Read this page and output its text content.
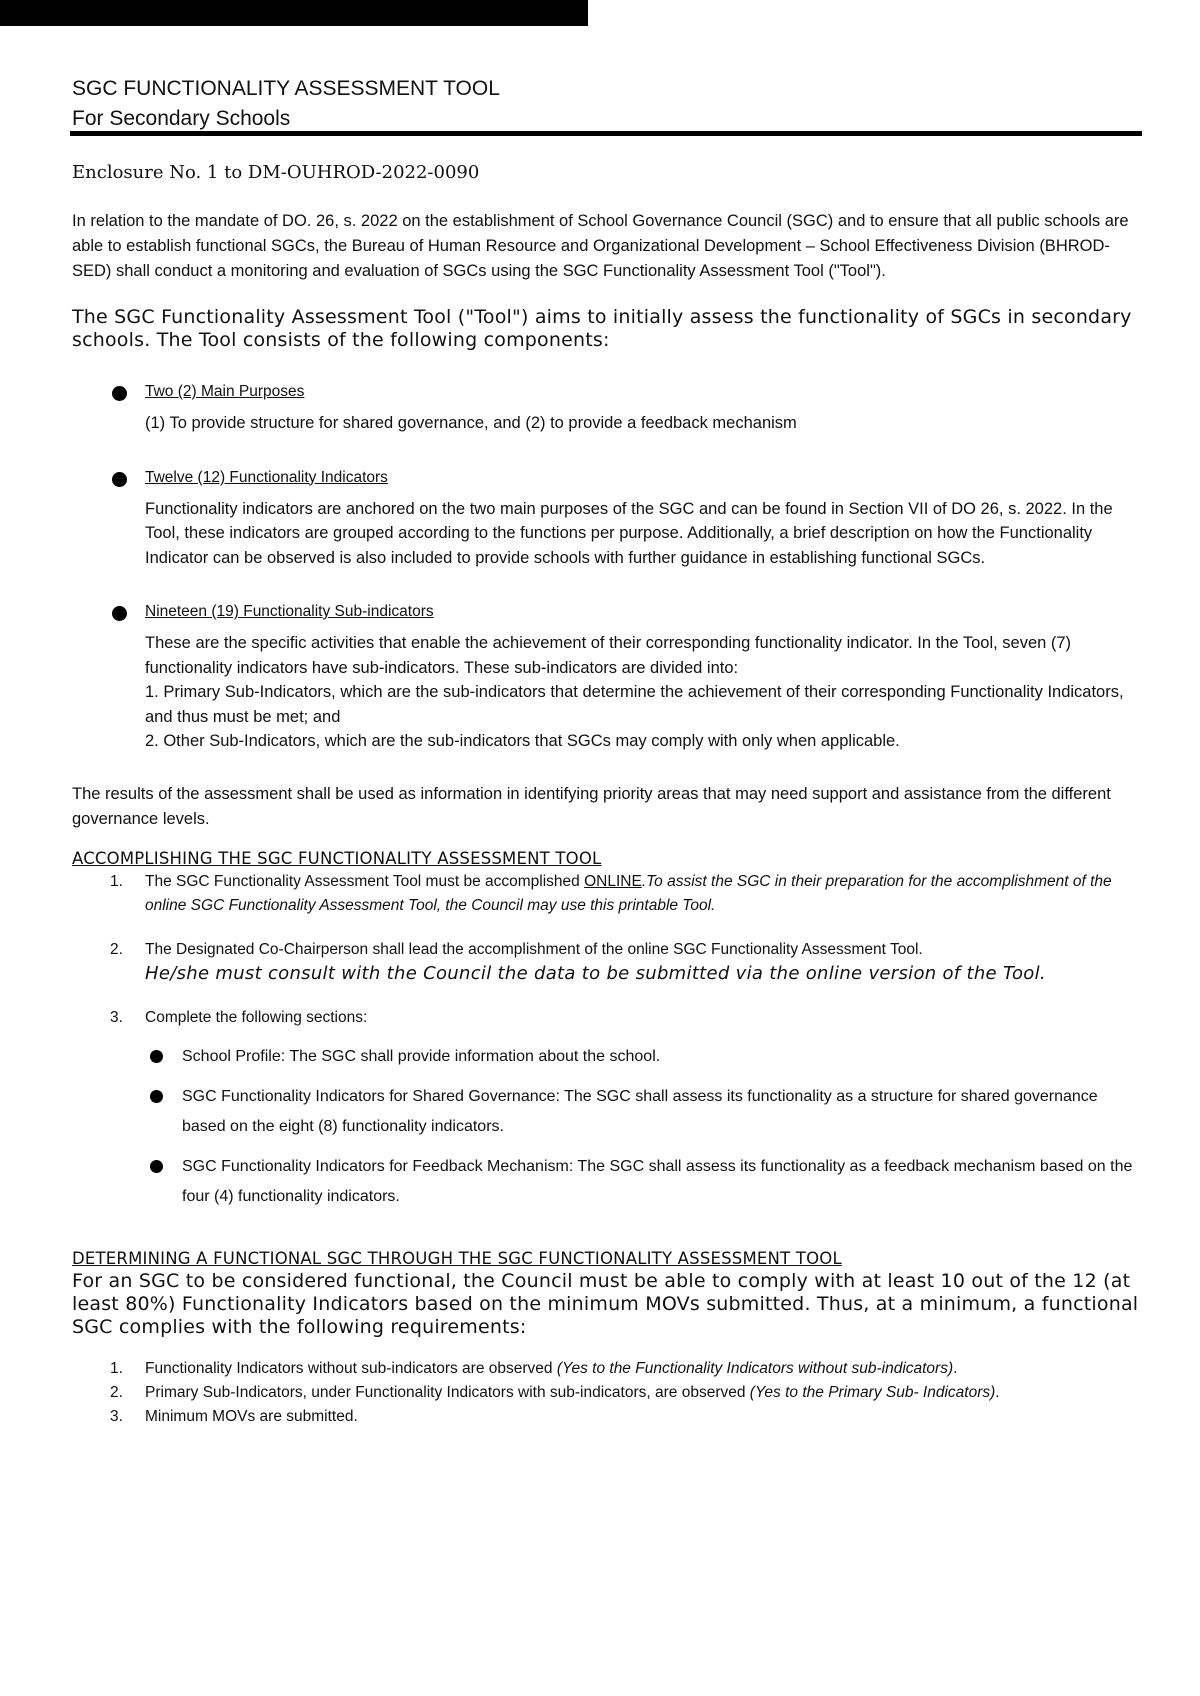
SGC FUNCTIONALITY ASSESSMENT TOOL
For Secondary Schools

Enclosure No. 1 to DM-OUHROD-2022-0090

In relation to the mandate of DO. 26, s. 2022 on the establishment of School Governance Council (SGC) and to ensure that all public schools are able to establish functional SGCs, the Bureau of Human Resource and Organizational Development – School Effectiveness Division (BHROD-SED) shall conduct a monitoring and evaluation of SGCs using the SGC Functionality Assessment Tool ("Tool").

The SGC Functionality Assessment Tool ("Tool") aims to initially assess the functionality of SGCs in secondary schools. The Tool consists of the following components:

Two (2) Main Purposes
(1) To provide structure for shared governance, and (2) to provide a feedback mechanism
Twelve (12) Functionality Indicators
Functionality indicators are anchored on the two main purposes of the SGC and can be found in Section VII of DO 26, s. 2022. In the Tool, these indicators are grouped according to the functions per purpose. Additionally, a brief description on how the Functionality Indicator can be observed is also included to provide schools with further guidance in establishing functional SGCs.
Nineteen (19) Functionality Sub-indicators
These are the specific activities that enable the achievement of their corresponding functionality indicator. In the Tool, seven (7) functionality indicators have sub-indicators. These sub-indicators are divided into:
1. Primary Sub-Indicators, which are the sub-indicators that determine the achievement of their corresponding Functionality Indicators, and thus must be met; and
2. Other Sub-Indicators, which are the sub-indicators that SGCs may comply with only when applicable.

The results of the assessment shall be used as information in identifying priority areas that may need support and assistance from the different governance levels.

ACCOMPLISHING THE SGC FUNCTIONALITY ASSESSMENT TOOL
1. The SGC Functionality Assessment Tool must be accomplished ONLINE.To assist the SGC in their preparation for the accomplishment of the online SGC Functionality Assessment Tool, the Council may use this printable Tool.
2. The Designated Co-Chairperson shall lead the accomplishment of the online SGC Functionality Assessment Tool.
He/she must consult with the Council the data to be submitted via the online version of the Tool.
3. Complete the following sections:
School Profile: The SGC shall provide information about the school.
SGC Functionality Indicators for Shared Governance: The SGC shall assess its functionality as a structure for shared governance based on the eight (8) functionality indicators.
SGC Functionality Indicators for Feedback Mechanism: The SGC shall assess its functionality as a feedback mechanism based on the four (4) functionality indicators.
DETERMINING A FUNCTIONAL SGC THROUGH THE SGC FUNCTIONALITY ASSESSMENT TOOL

For an SGC to be considered functional, the Council must be able to comply with at least 10 out of the 12 (at least 80%) Functionality Indicators based on the minimum MOVs submitted. Thus, at a minimum, a functional SGC complies with the following requirements:

1. Functionality Indicators without sub-indicators are observed (Yes to the Functionality Indicators without sub-indicators).
2. Primary Sub-Indicators, under Functionality Indicators with sub-indicators, are observed (Yes to the Primary Sub- Indicators).
3. Minimum MOVs are submitted.
